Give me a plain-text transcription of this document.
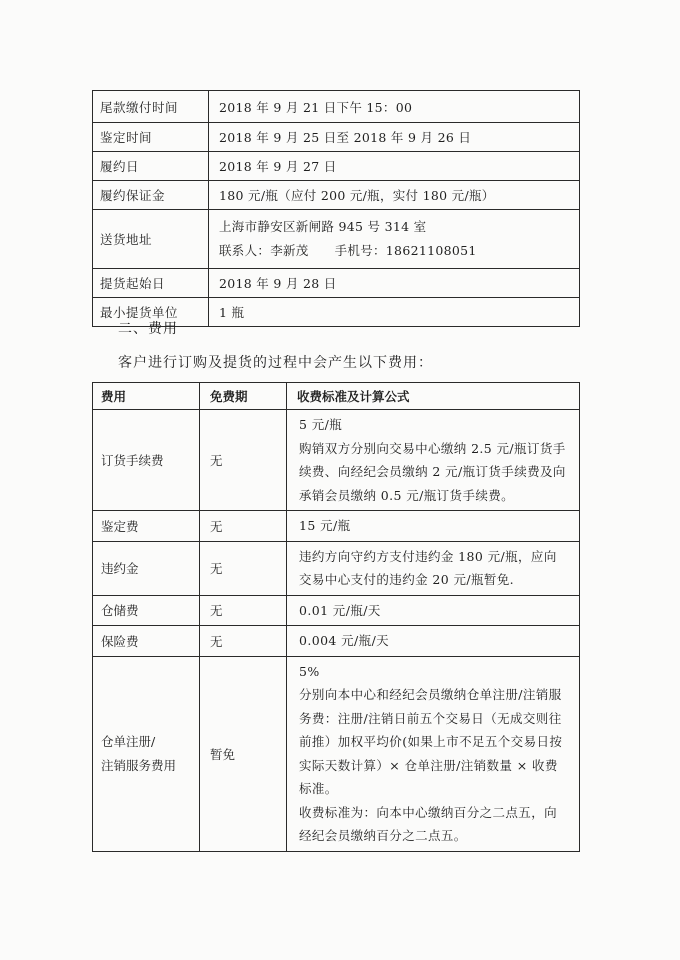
尾款缴付时间	2018 年 9 月 21 日下午 15：00
鉴定时间	2018 年 9 月 25 日至 2018 年 9 月 26 日
履约日	2018 年 9 月 27 日
履约保证金	180 元/瓶（应付 200 元/瓶，实付 180 元/瓶）
送货地址	上海市静安区新闸路 945 号 314 室
联系人：李新茂 手机号：18621108051

提货起始日	2018 年 9 月 28 日
最小提货单位	1 瓶
二、费用
客户进行订购及提货的过程中会产生以下费用：
费用	免费期	收费标准及计算公式
订货手续费	无	5 元/瓶
购销双方分别向交易中心缴纳 2.5 元/瓶订货手续费、向经纪会员缴纳 2 元/瓶订货手续费及向承销会员缴纳 0.5 元/瓶订货手续费。

鉴定费	无	15 元/瓶

违约金	无	违约方向守约方支付违约金 180 元/瓶，应向交易中心支付的违约金 20 元/瓶暂免.

仓储费	无	0.01 元/瓶/天

保险费	无	0.004 元/瓶/天

仓单注册/
注销服务费用	暂免	5%
分别向本中心和经纪会员缴纳仓单注册/注销服务费：注册/注销日前五个交易日（无成交则往前推）加权平均价(如果上市不足五个交易日按实际天数计算）× 仓单注册/注销数量 × 收费标准。
收费标准为：向本中心缴纳百分之二点五，向经纪会员缴纳百分之二点五。
